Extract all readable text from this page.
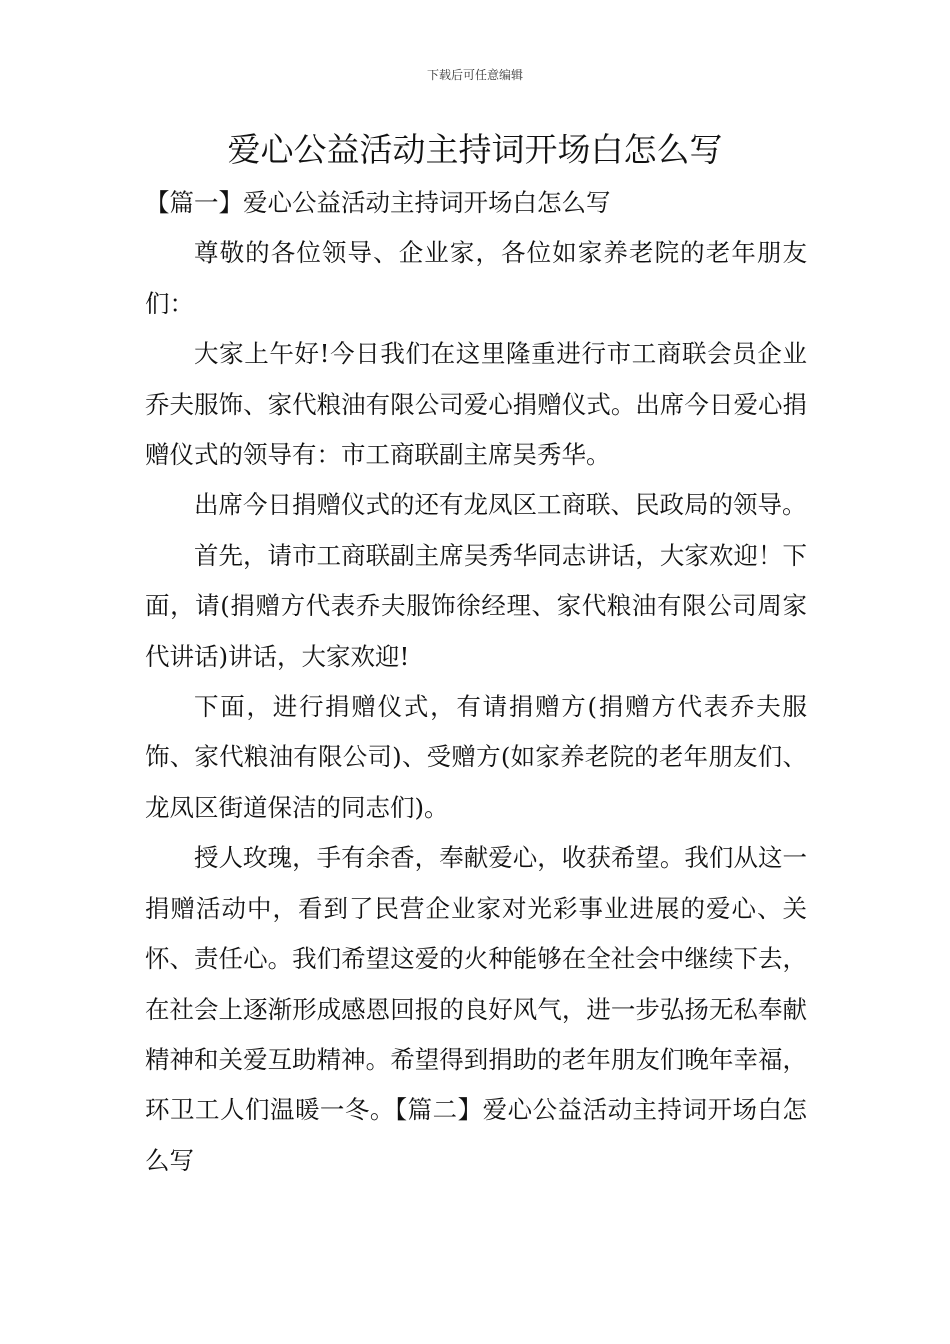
下载后可任意编辑
爱心公益活动主持词开场白怎么写

【篇一】爱心公益活动主持词开场白怎么写

尊敬的各位领导、企业家，各位如家养老院的老年朋友们：

大家上午好!今日我们在这里隆重进行市工商联会员企业乔夫服饰、家代粮油有限公司爱心捐赠仪式。出席今日爱心捐赠仪式的领导有：市工商联副主席吴秀华。

出席今日捐赠仪式的还有龙凤区工商联、民政局的领导。

首先，请市工商联副主席吴秀华同志讲话，大家欢迎！下面，请(捐赠方代表乔夫服饰徐经理、家代粮油有限公司周家代讲话)讲话，大家欢迎!

下面，进行捐赠仪式，有请捐赠方(捐赠方代表乔夫服饰、家代粮油有限公司)、受赠方(如家养老院的老年朋友们、龙凤区街道保洁的同志们)。

授人玫瑰，手有余香，奉献爱心，收获希望。我们从这一捐赠活动中，看到了民营企业家对光彩事业进展的爱心、关怀、责任心。我们希望这爱的火种能够在全社会中继续下去，在社会上逐渐形成感恩回报的良好风气，进一步弘扬无私奉献精神和关爱互助精神。希望得到捐助的老年朋友们晚年幸福，环卫工人们温暖一冬。【篇二】爱心公益活动主持词开场白怎么写
